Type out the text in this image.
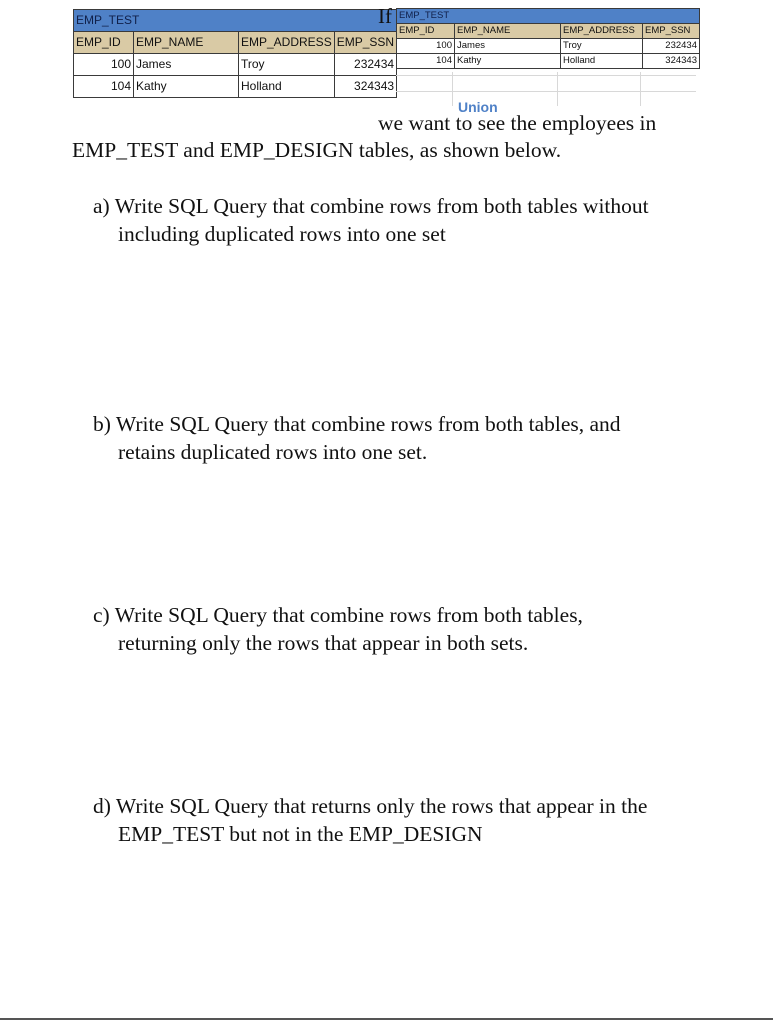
EMP_TEST			
EMP_ID	EMP_NAME	EMP_ADDRESS	EMP_SSN
100	James	Troy	232434
104	Kathy	Holland	324343
If EMP_TEST			
EMP_ID	EMP_NAME	EMP_ADDRESS	EMP_SSN
100	James	Troy	232434
104	Kathy	Holland	324343
Union
we want to see the employees in
EMP_TEST and EMP_DESIGN tables, as shown below.
a) Write SQL Query that combine rows from both tables without
including duplicated rows into one set
b) Write SQL Query that combine rows from both tables, and
retains duplicated rows into one set.
c) Write SQL Query that combine rows from both tables,
returning only the rows that appear in both sets.
d) Write SQL Query that returns only the rows that appear in the
EMP_TEST but not in the EMP_DESIGN
